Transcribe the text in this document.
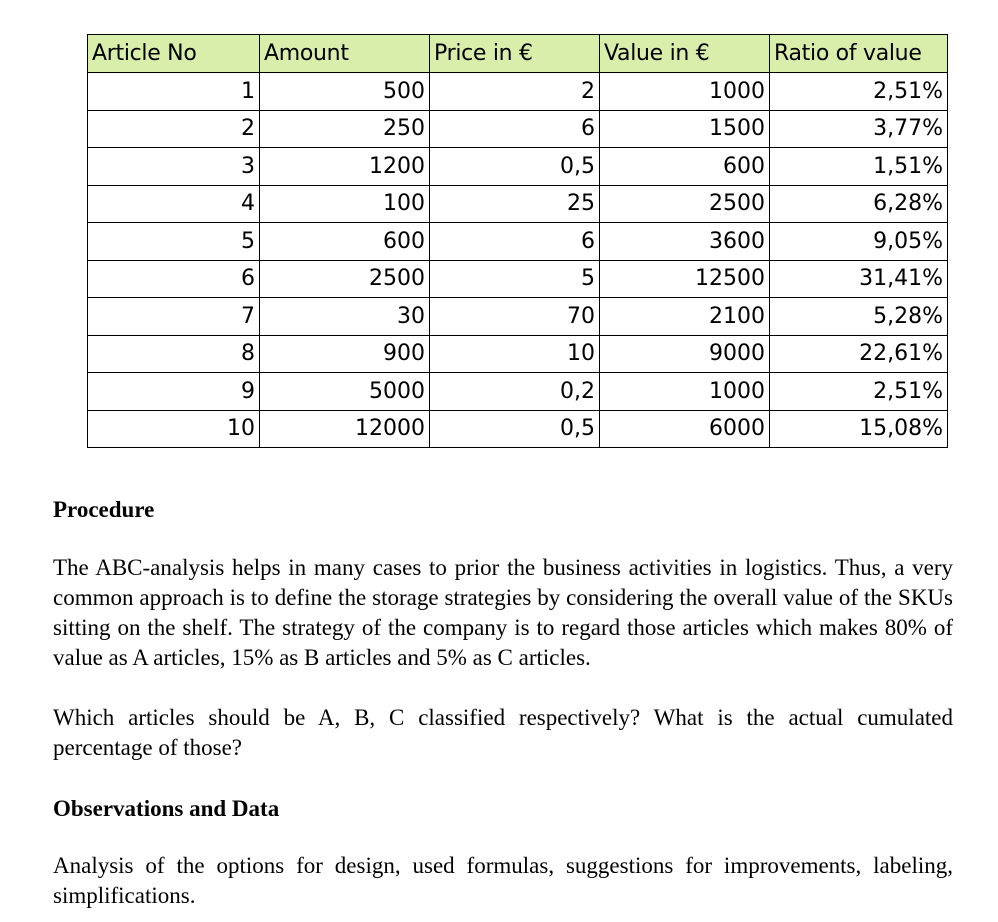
Article No	Amount	Price in €	Value in €	Ratio of value
1	500	2	1000	2,51%
2	250	6	1500	3,77%
3	1200	0,5	600	1,51%
4	100	25	2500	6,28%
5	600	6	3600	9,05%
6	2500	5	12500	31,41%
7	30	70	2100	5,28%
8	900	10	9000	22,61%
9	5000	0,2	1000	2,51%
10	12000	0,5	6000	15,08%
Procedure

The ABC-analysis helps in many cases to prior the business activities in logistics. Thus, a very common approach is to define the storage strategies by considering the overall value of the SKUs sitting on the shelf. The strategy of the company is to regard those articles which makes 80% of value as A articles, 15% as B articles and 5% as C articles.

Which articles should be A, B, C classified respectively? What is the actual cumulated percentage of those?

Observations and Data

Analysis of the options for design, used formulas, suggestions for improvements, labeling, simplifications.
